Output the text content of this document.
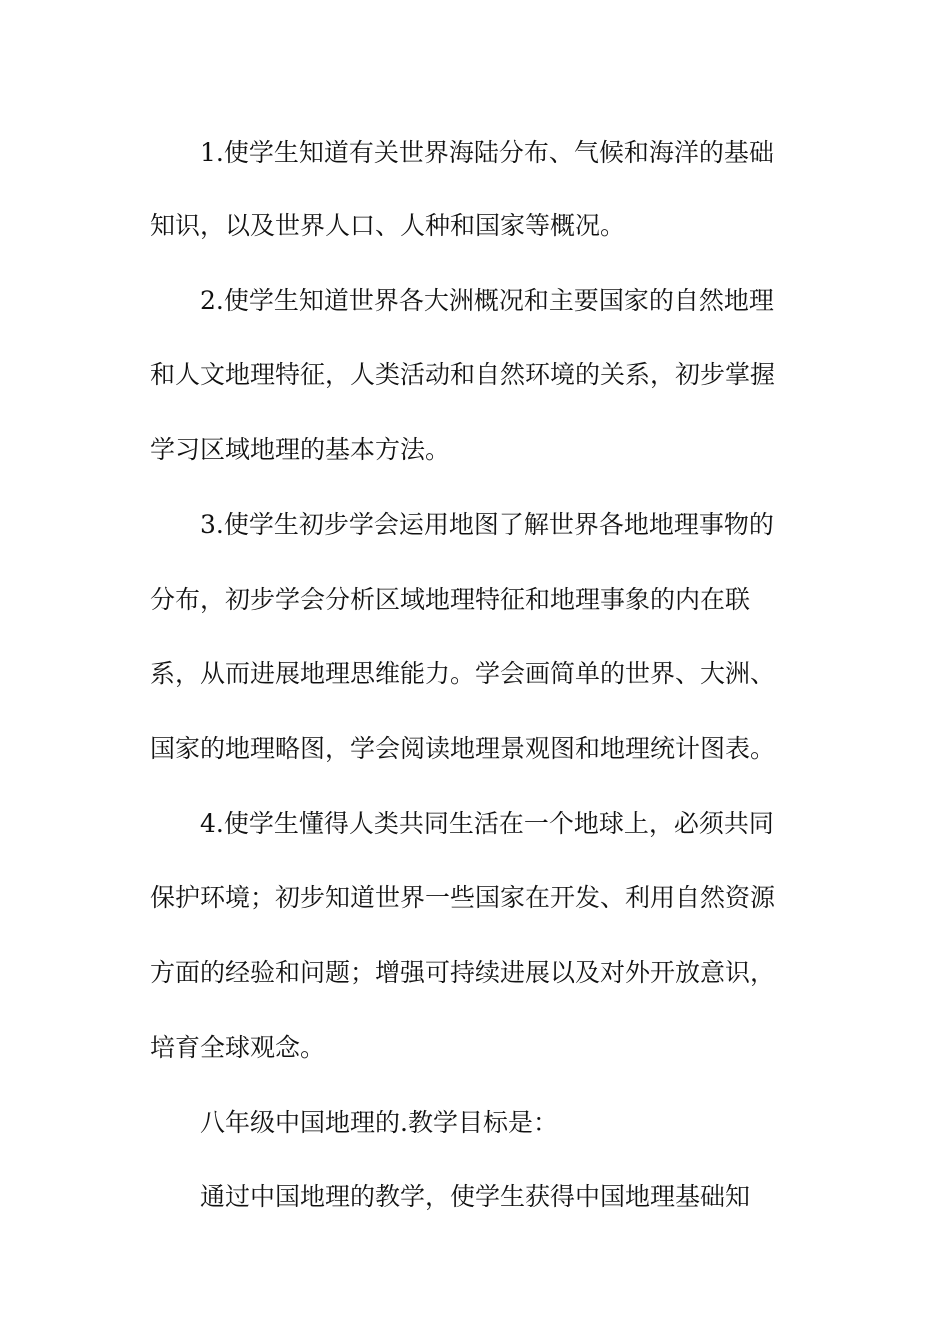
1.使学生知道有关世界海陆分布、气候和海洋的基础
知识，以及世界人口、人种和国家等概况。
2.使学生知道世界各大洲概况和主要国家的自然地理
和人文地理特征，人类活动和自然环境的关系，初步掌握
学习区域地理的基本方法。
3.使学生初步学会运用地图了解世界各地地理事物的
分布，初步学会分析区域地理特征和地理事象的内在联
系，从而进展地理思维能力。学会画简单的世界、大洲、
国家的地理略图，学会阅读地理景观图和地理统计图表。
4.使学生懂得人类共同生活在一个地球上，必须共同
保护环境；初步知道世界一些国家在开发、利用自然资源
方面的经验和问题；增强可持续进展以及对外开放意识，
培育全球观念。
八年级中国地理的.教学目标是：
通过中国地理的教学，使学生获得中国地理基础知
